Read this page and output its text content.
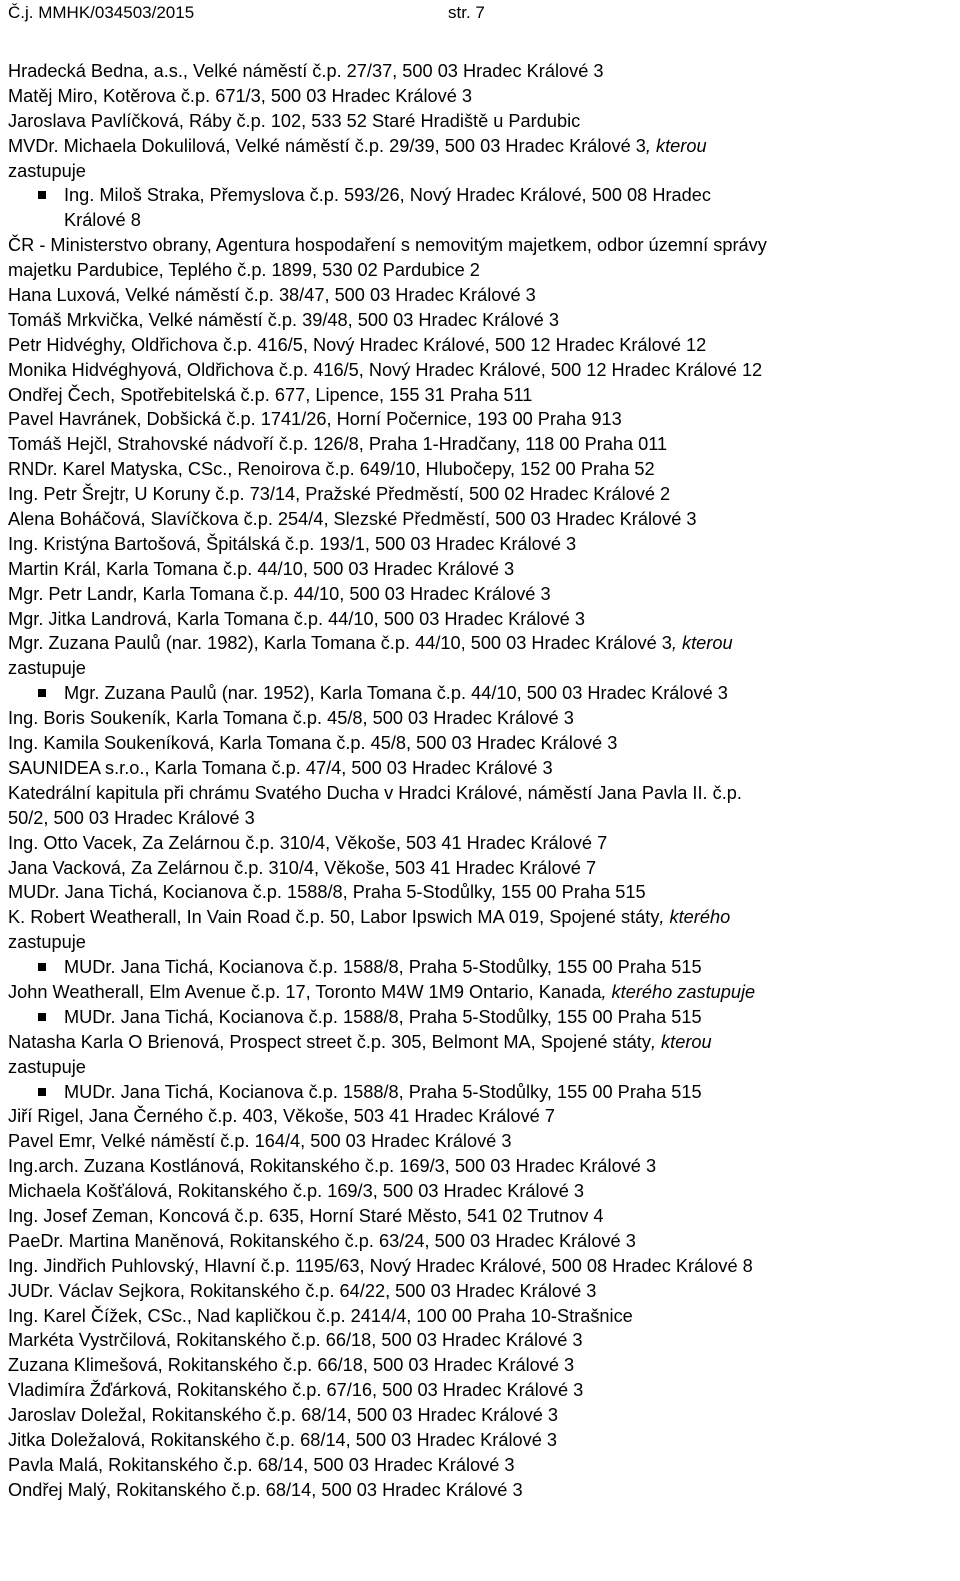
Č.j. MMHK/034503/2015	str. 7
Hradecká Bedna, a.s., Velké náměstí č.p. 27/37, 500 03 Hradec Králové 3
Matěj Miro, Kotěrova č.p. 671/3, 500 03 Hradec Králové 3
Jaroslava Pavlíčková, Ráby č.p. 102, 533 52 Staré Hradiště u Pardubic
MVDr. Michaela Dokulilová, Velké náměstí č.p. 29/39, 500 03 Hradec Králové 3, kterou
zastupuje
Ing. Miloš Straka, Přemyslova č.p. 593/26, Nový Hradec Králové, 500 08 Hradec
Králové 8
ČR - Ministerstvo obrany, Agentura hospodaření s nemovitým majetkem, odbor územní správy
majetku Pardubice, Teplého č.p. 1899, 530 02 Pardubice 2
Hana Luxová, Velké náměstí č.p. 38/47, 500 03 Hradec Králové 3
Tomáš Mrkvička, Velké náměstí č.p. 39/48, 500 03 Hradec Králové 3
Petr Hidvéghy, Oldřichova č.p. 416/5, Nový Hradec Králové, 500 12 Hradec Králové 12
Monika Hidvéghyová, Oldřichova č.p. 416/5, Nový Hradec Králové, 500 12 Hradec Králové 12
Ondřej Čech, Spotřebitelská č.p. 677, Lipence, 155 31 Praha 511
Pavel Havránek, Dobšická č.p. 1741/26, Horní Počernice, 193 00 Praha 913
Tomáš Hejčl, Strahovské nádvoří č.p. 126/8, Praha 1-Hradčany, 118 00 Praha 011
RNDr. Karel Matyska, CSc., Renoirova č.p. 649/10, Hlubočepy, 152 00 Praha 52
Ing. Petr Šrejtr, U Koruny č.p. 73/14, Pražské Předměstí, 500 02 Hradec Králové 2
Alena Boháčová, Slavíčkova č.p. 254/4, Slezské Předměstí, 500 03 Hradec Králové 3
Ing. Kristýna Bartošová, Špitálská č.p. 193/1, 500 03 Hradec Králové 3
Martin Král, Karla Tomana č.p. 44/10, 500 03 Hradec Králové 3
Mgr. Petr Landr, Karla Tomana č.p. 44/10, 500 03 Hradec Králové 3
Mgr. Jitka Landrová, Karla Tomana č.p. 44/10, 500 03 Hradec Králové 3
Mgr. Zuzana Paulů (nar. 1982), Karla Tomana č.p. 44/10, 500 03 Hradec Králové 3, kterou
zastupuje
Mgr. Zuzana Paulů (nar. 1952), Karla Tomana č.p. 44/10, 500 03 Hradec Králové 3
Ing. Boris Soukeník, Karla Tomana č.p. 45/8, 500 03 Hradec Králové 3
Ing. Kamila Soukeníková, Karla Tomana č.p. 45/8, 500 03 Hradec Králové 3
SAUNIDEA s.r.o., Karla Tomana č.p. 47/4, 500 03 Hradec Králové 3
Katedrální kapitula při chrámu Svatého Ducha v Hradci Králové, náměstí Jana Pavla II. č.p.
50/2, 500 03 Hradec Králové 3
Ing. Otto Vacek, Za Zelárnou č.p. 310/4, Věkoše, 503 41 Hradec Králové 7
Jana Vacková, Za Zelárnou č.p. 310/4, Věkoše, 503 41 Hradec Králové 7
MUDr. Jana Tichá, Kocianova č.p. 1588/8, Praha 5-Stodůlky, 155 00 Praha 515
K. Robert Weatherall, In Vain Road č.p. 50, Labor Ipswich MA 019, Spojené státy, kterého
zastupuje
MUDr. Jana Tichá, Kocianova č.p. 1588/8, Praha 5-Stodůlky, 155 00 Praha 515
John Weatherall, Elm Avenue č.p. 17, Toronto M4W 1M9 Ontario, Kanada, kterého zastupuje
MUDr. Jana Tichá, Kocianova č.p. 1588/8, Praha 5-Stodůlky, 155 00 Praha 515
Natasha Karla O Brienová, Prospect street č.p. 305, Belmont MA, Spojené státy, kterou
zastupuje
MUDr. Jana Tichá, Kocianova č.p. 1588/8, Praha 5-Stodůlky, 155 00 Praha 515
Jiří Rigel, Jana Černého č.p. 403, Věkoše, 503 41 Hradec Králové 7
Pavel Emr, Velké náměstí č.p. 164/4, 500 03 Hradec Králové 3
Ing.arch. Zuzana Kostlánová, Rokitanského č.p. 169/3, 500 03 Hradec Králové 3
Michaela Košťálová, Rokitanského č.p. 169/3, 500 03 Hradec Králové 3
Ing. Josef Zeman, Koncová č.p. 635, Horní Staré Město, 541 02 Trutnov 4
PaeDr. Martina Maněnová, Rokitanského č.p. 63/24, 500 03 Hradec Králové 3
Ing. Jindřich Puhlovský, Hlavní č.p. 1195/63, Nový Hradec Králové, 500 08 Hradec Králové 8
JUDr. Václav Sejkora, Rokitanského č.p. 64/22, 500 03 Hradec Králové 3
Ing. Karel Čížek, CSc., Nad kapličkou č.p. 2414/4, 100 00 Praha 10-Strašnice
Markéta Vystrčilová, Rokitanského č.p. 66/18, 500 03 Hradec Králové 3
Zuzana Klimešová, Rokitanského č.p. 66/18, 500 03 Hradec Králové 3
Vladimíra Žďárková, Rokitanského č.p. 67/16, 500 03 Hradec Králové 3
Jaroslav Doležal, Rokitanského č.p. 68/14, 500 03 Hradec Králové 3
Jitka Doležalová, Rokitanského č.p. 68/14, 500 03 Hradec Králové 3
Pavla Malá, Rokitanského č.p. 68/14, 500 03 Hradec Králové 3
Ondřej Malý, Rokitanského č.p. 68/14, 500 03 Hradec Králové 3
